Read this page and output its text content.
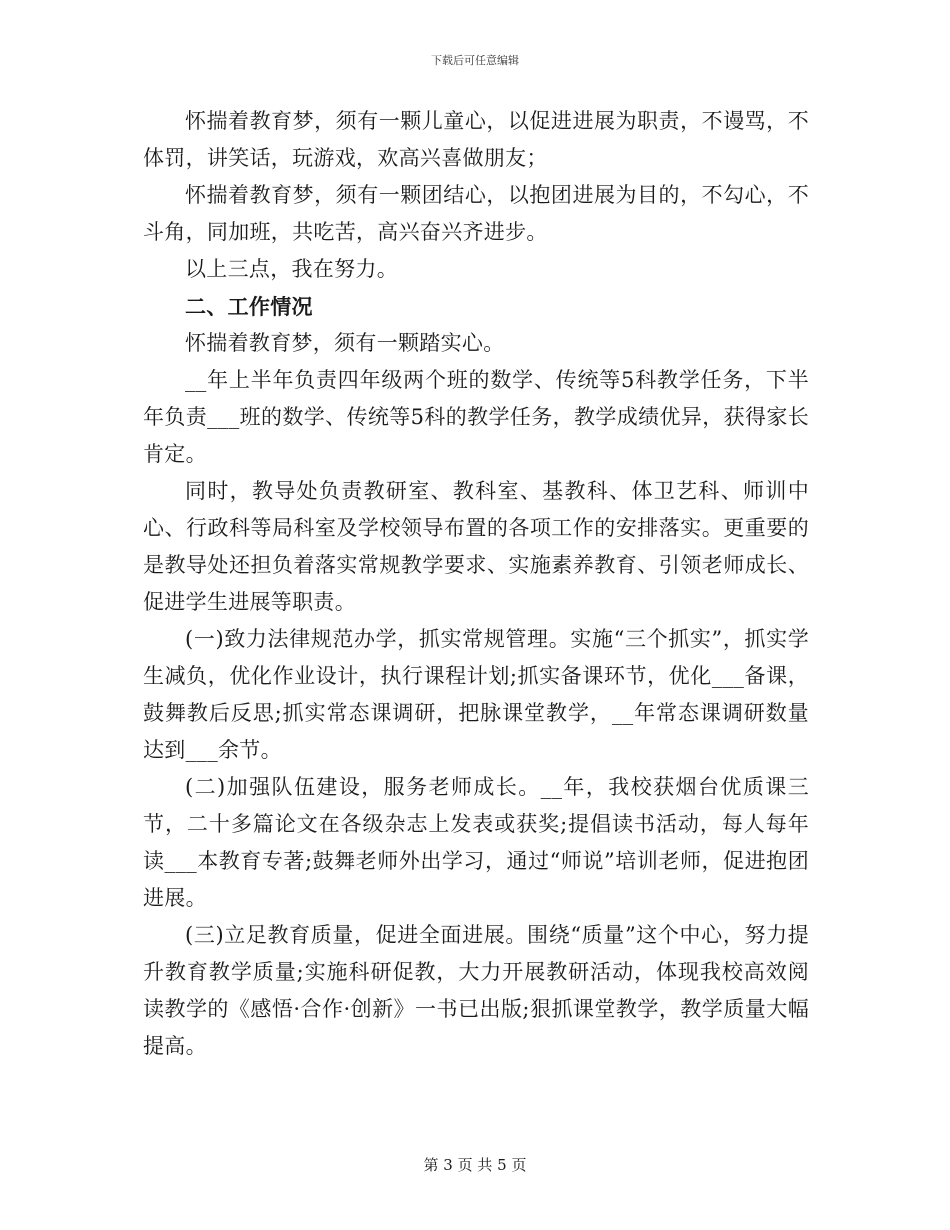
下载后可任意编辑

怀揣着教育梦，须有一颗儿童心，以促进进展为职责，不谩骂，不体罚，讲笑话，玩游戏，欢高兴喜做朋友；

怀揣着教育梦，须有一颗团结心，以抱团进展为目的，不勾心，不斗角，同加班，共吃苦，高兴奋兴齐进步。

以上三点，我在努力。

二、工作情况

怀揣着教育梦，须有一颗踏实心。

__年上半年负责四年级两个班的数学、传统等5科教学任务，下半年负责___班的数学、传统等5科的教学任务，教学成绩优异，获得家长肯定。

同时，教导处负责教研室、教科室、基教科、体卫艺科、师训中心、行政科等局科室及学校领导布置的各项工作的安排落实。更重要的是教导处还担负着落实常规教学要求、实施素养教育、引领老师成长、促进学生进展等职责。

(一)致力法律规范办学，抓实常规管理。实施“三个抓实”，抓实学生减负，优化作业设计，执行课程计划;抓实备课环节，优化___备课，鼓舞教后反思;抓实常态课调研，把脉课堂教学，__年常态课调研数量达到___余节。

(二)加强队伍建设，服务老师成长。__年，我校获烟台优质课三节，二十多篇论文在各级杂志上发表或获奖;提倡读书活动，每人每年读___本教育专著;鼓舞老师外出学习，通过“师说”培训老师，促进抱团进展。

(三)立足教育质量，促进全面进展。围绕“质量”这个中心，努力提升教育教学质量;实施科研促教，大力开展教研活动，体现我校高效阅读教学的《感悟·合作·创新》一书已出版;狠抓课堂教学，教学质量大幅提高。

第 3 页 共 5 页
